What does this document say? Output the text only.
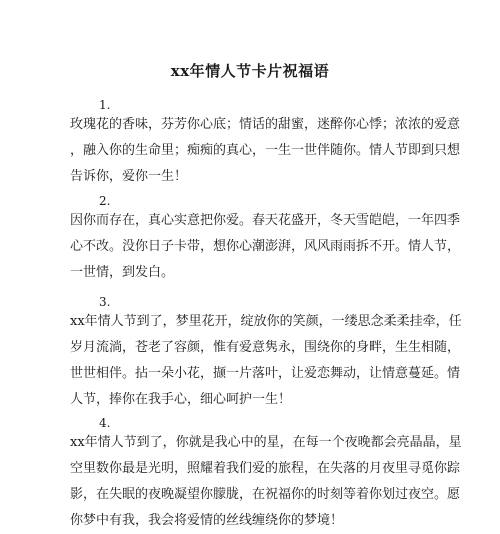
xx年情人节卡片祝福语
1.
玫瑰花的香味，芬芳你心底；情话的甜蜜，迷醉你心悸；浓浓的爱意
，融入你的生命里；痴痴的真心，一生一世伴随你。情人节即到只想
告诉你，爱你一生！
2.
因你而存在，真心实意把你爱。春天花盛开，冬天雪皑皑，一年四季
心不改。没你日子卡带，想你心潮澎湃，风风雨雨拆不开。情人节，
一世情，到发白。
3.
xx年情人节到了，梦里花开，绽放你的笑颜，一缕思念柔柔挂牵，任
岁月流淌，苍老了容颜，惟有爱意隽永，围绕你的身畔，生生相随，
世世相伴。拈一朵小花，撷一片落叶，让爱恋舞动，让情意蔓延。情
人节，捧你在我手心，细心呵护一生！
4.
xx年情人节到了，你就是我心中的星，在每一个夜晚都会亮晶晶，星
空里数你最是光明，照耀着我们爱的旅程，在失落的月夜里寻觅你踪
影，在失眠的夜晚凝望你朦胧，在祝福你的时刻等着你划过夜空。愿
你梦中有我，我会将爱情的丝线缠绕你的梦境！
